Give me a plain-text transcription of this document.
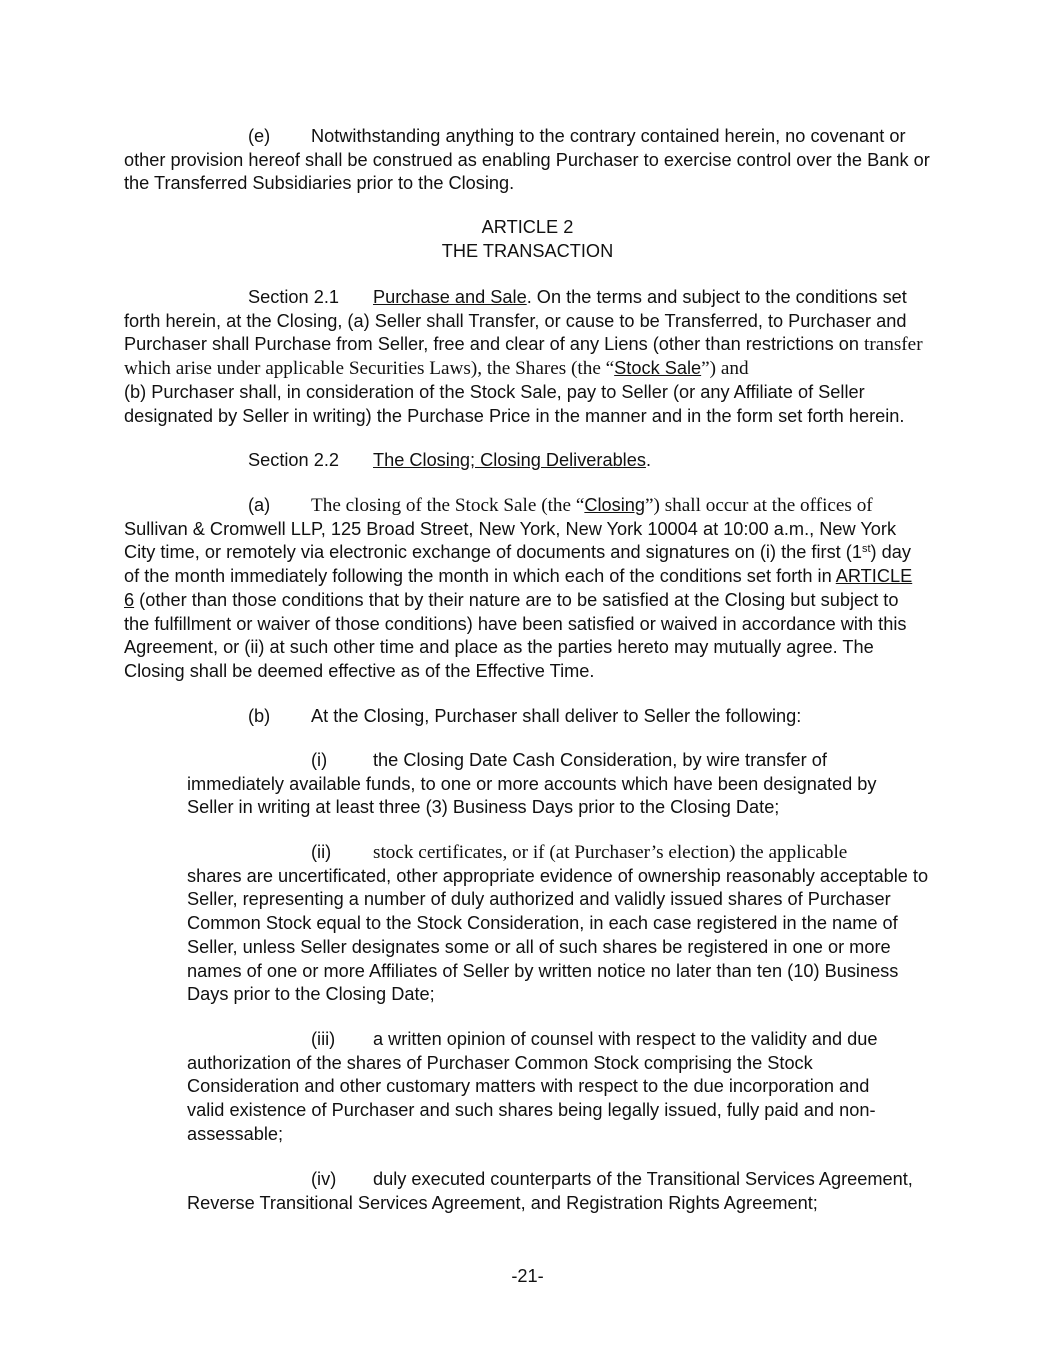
(e) Notwithstanding anything to the contrary contained herein, no covenant or other provision hereof shall be construed as enabling Purchaser to exercise control over the Bank or the Transferred Subsidiaries prior to the Closing.

ARTICLE 2
THE TRANSACTION

Section 2.1 Purchase and Sale. On the terms and subject to the conditions set forth herein, at the Closing, (a) Seller shall Transfer, or cause to be Transferred, to Purchaser and Purchaser shall Purchase from Seller, free and clear of any Liens (other than restrictions on transfer which arise under applicable Securities Laws), the Shares (the “Stock Sale”) and
(b) Purchaser shall, in consideration of the Stock Sale, pay to Seller (or any Affiliate of Seller designated by Seller in writing) the Purchase Price in the manner and in the form set forth herein.

Section 2.2 The Closing; Closing Deliverables.

(a) The closing of the Stock Sale (the “Closing”) shall occur at the offices of
Sullivan & Cromwell LLP, 125 Broad Street, New York, New York 10004 at 10:00 a.m., New York City time, or remotely via electronic exchange of documents and signatures on (i) the first (1st) day of the month immediately following the month in which each of the conditions set forth in ARTICLE 6 (other than those conditions that by their nature are to be satisfied at the Closing but subject to the fulfillment or waiver of those conditions) have been satisfied or waived in accordance with this Agreement, or (ii) at such other time and place as the parties hereto may mutually agree. The Closing shall be deemed effective as of the Effective Time.

(b) At the Closing, Purchaser shall deliver to Seller the following:

(i)	the Closing Date Cash Consideration, by wire transfer of immediately available funds, to one or more accounts which have been designated by Seller in writing at least three (3) Business Days prior to the Closing Date;

(ii) stock certificates, or if (at Purchaser’s election) the applicable
shares are uncertificated, other appropriate evidence of ownership reasonably acceptable to Seller, representing a number of duly authorized and validly issued shares of Purchaser Common Stock equal to the Stock Consideration, in each case registered in the name of Seller, unless Seller designates some or all of such shares be registered in one or more names of one or more Affiliates of Seller by written notice no later than ten (10) Business Days prior to the Closing Date;

(iii) a written opinion of counsel with respect to the validity and due authorization of the shares of Purchaser Common Stock comprising the Stock Consideration and other customary matters with respect to the due incorporation and valid existence of Purchaser and such shares being legally issued, fully paid and non-assessable;

(iv) duly executed counterparts of the Transitional Services Agreement, Reverse Transitional Services Agreement, and Registration Rights Agreement;

-21-
